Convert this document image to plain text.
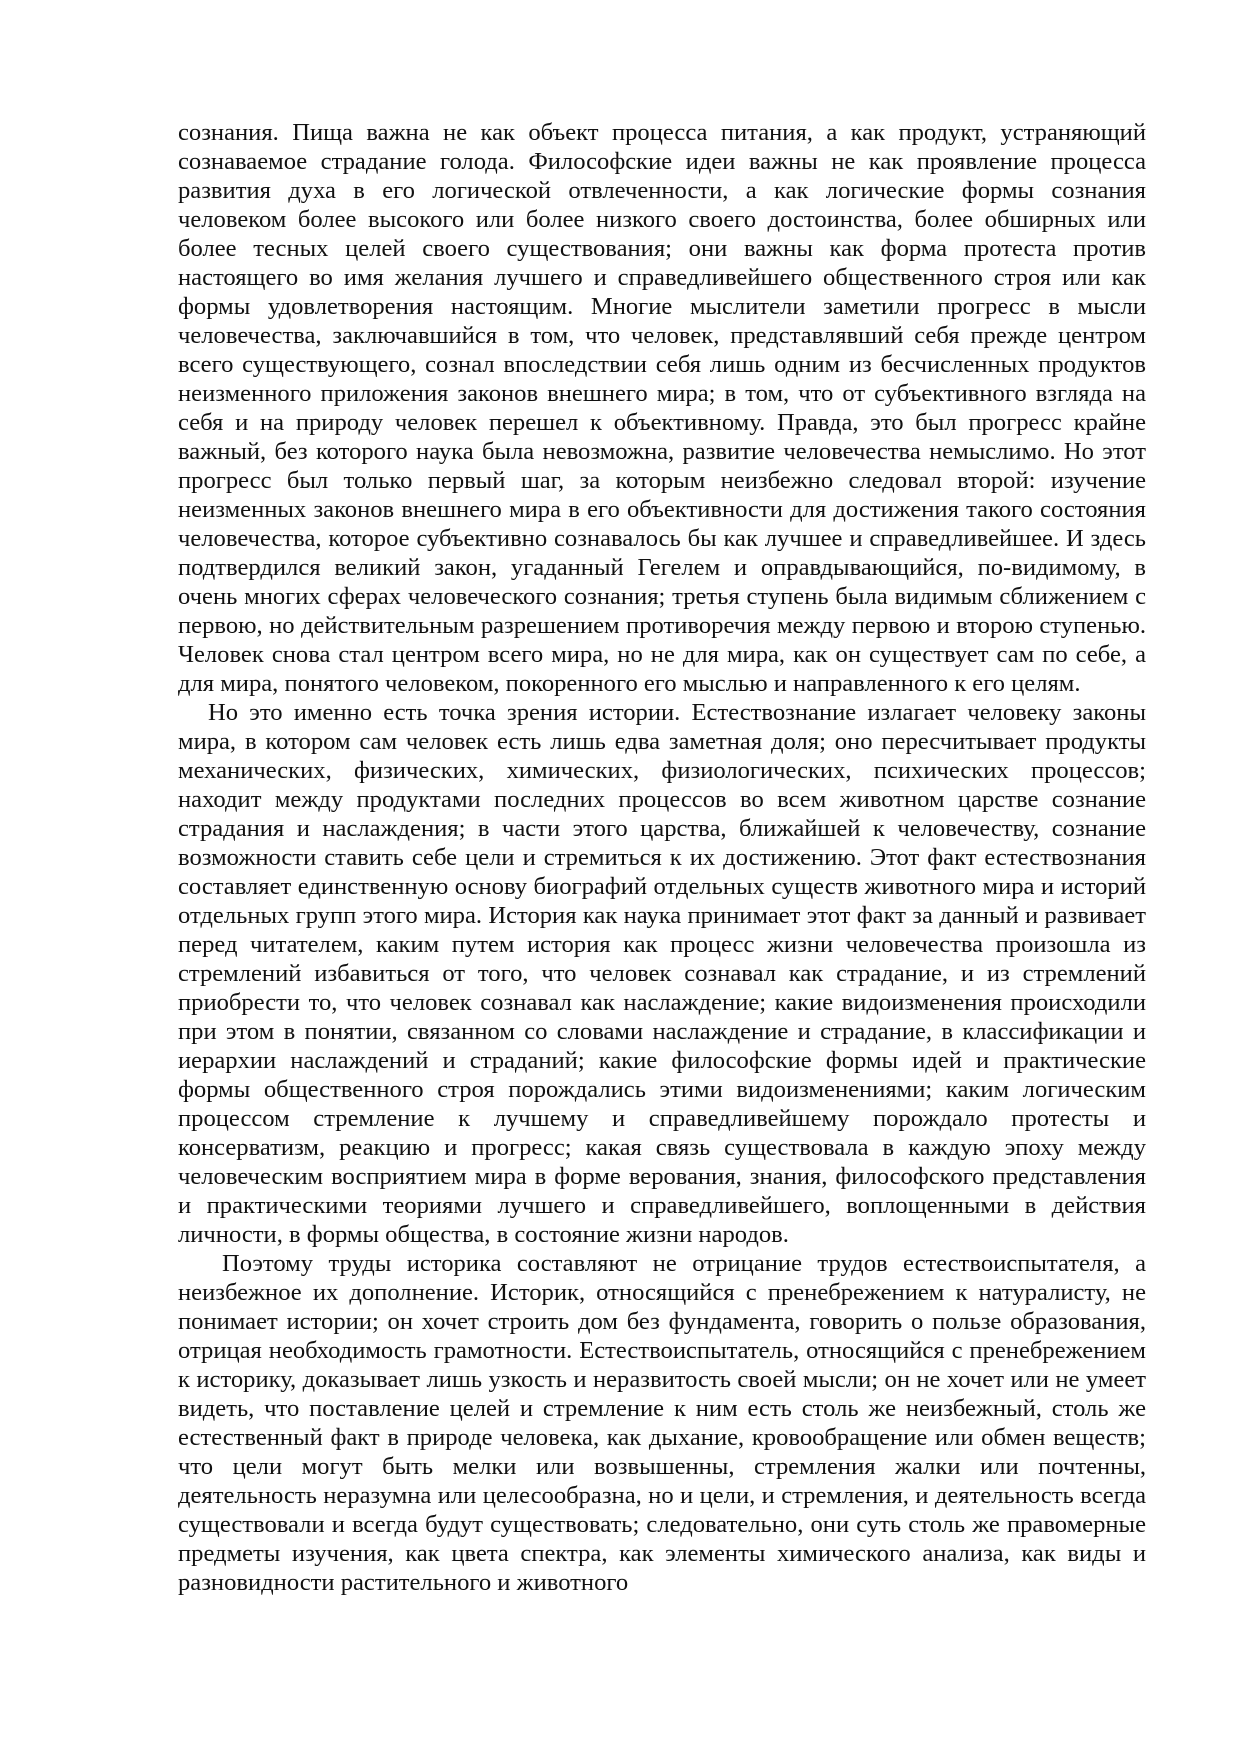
сознания. Пища важна не как объект процесса питания, а как продукт, устраняющий сознаваемое страдание голода. Философские идеи важны не как проявление процесса развития духа в его логической отвлеченности, а как логические формы сознания человеком более высокого или более низкого своего достоинства, более обширных или более тесных целей своего существования; они важны как форма протеста против настоящего во имя желания лучшего и справедливейшего общественного строя или как формы удовлетворения настоящим. Многие мыслители заметили прогресс в мысли человечества, заключавшийся в том, что человек, представлявший себя прежде центром всего существующего, сознал впоследствии себя лишь одним из бесчисленных продуктов неизменного приложения законов внешнего мира; в том, что от субъективного взгляда на себя и на природу человек перешел к объективному. Правда, это был прогресс крайне важный, без которого наука была невозможна, развитие человечества немыслимо. Но этот прогресс был только первый шаг, за которым неизбежно следовал второй: изучение неизменных законов внешнего мира в его объективности для достижения такого состояния человечества, которое субъективно сознавалось бы как лучшее и справедливейшее. И здесь подтвердился великий закон, угаданный Гегелем и оправдывающийся, по-видимому, в очень многих сферах человеческого сознания; третья ступень была видимым сближением с первою, но действительным разрешением противоречия между первою и второю ступенью. Человек снова стал центром всего мира, но не для мира, как он существует сам по себе, а для мира, понятого человеком, покоренного его мыслью и направленного к его целям.

Но это именно есть точка зрения истории. Естествознание излагает человеку законы мира, в котором сам человек есть лишь едва заметная доля; оно пересчитывает продукты механических, физических, химических, физиологических, психических процессов; находит между продуктами последних процессов во всем животном царстве сознание страдания и наслаждения; в части этого царства, ближайшей к человечеству, сознание возможности ставить себе цели и стремиться к их достижению. Этот факт естествознания составляет единственную основу биографий отдельных существ животного мира и историй отдельных групп этого мира. История как наука принимает этот факт за данный и развивает перед читателем, каким путем история как процесс жизни человечества произошла из стремлений избавиться от того, что человек сознавал как страдание, и из стремлений приобрести то, что человек сознавал как наслаждение; какие видоизменения происходили при этом в понятии, связанном со словами наслаждение и страдание, в классификации и иерархии наслаждений и страданий; какие философские формы идей и практические формы общественного строя порождались этими видоизменениями; каким логическим процессом стремление к лучшему и справедливейшему порождало протесты и консерватизм, реакцию и прогресс; какая связь существовала в каждую эпоху между человеческим восприятием мира в форме верования, знания, философского представления и практическими теориями лучшего и справедливейшего, воплощенными в действия личности, в формы общества, в состояние жизни народов.

Поэтому труды историка составляют не отрицание трудов естествоиспытателя, а неизбежное их дополнение. Историк, относящийся с пренебрежением к натуралисту, не понимает истории; он хочет строить дом без фундамента, говорить о пользе образования, отрицая необходимость грамотности. Естествоиспытатель, относящийся с пренебрежением к историку, доказывает лишь узкость и неразвитость своей мысли; он не хочет или не умеет видеть, что поставление целей и стремление к ним есть столь же неизбежный, столь же естественный факт в природе человека, как дыхание, кровообращение или обмен веществ; что цели могут быть мелки или возвышенны, стремления жалки или почтенны, деятельность неразумна или целесообразна, но и цели, и стремления, и деятельность всегда существовали и всегда будут существовать; следовательно, они суть столь же правомерные предметы изучения, как цвета спектра, как элементы химического анализа, как виды и разновидности растительного и животного
